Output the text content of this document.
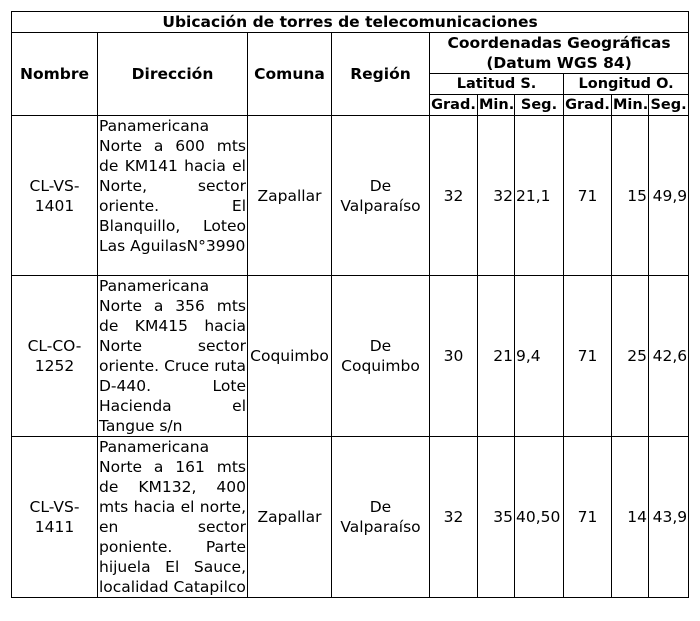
Ubicación de torres de telecomunicaciones									
Nombre	Dirección	Comuna	Región	Coordenadas Geográficas (Datum WGS 84)					
				Latitud S.			Longitud O.		
				Grad.	Min.	Seg.	Grad.	Min.	Seg.
CL-VS-1401	Panamericana Norte a 600 mts de KM141 hacia el Norte, sector oriente. El Blanquillo, Loteo Las AguilasN°3990	Zapallar	De Valparaíso	32	32	21,1	71	15	49,9
CL-CO-1252	Panamericana Norte a 356 mts de KM415 hacia Norte sector oriente. Cruce ruta D-440. Lote Hacienda el Tangue s/n	Coquimbo	De Coquimbo	30	21	9,4	71	25	42,6
CL-VS-1411	Panamericana Norte a 161 mts de KM132, 400 mts hacia el norte, en sector poniente. Parte hijuela El Sauce, localidad Catapilco	Zapallar	De Valparaíso	32	35	40,50	71	14	43,9
